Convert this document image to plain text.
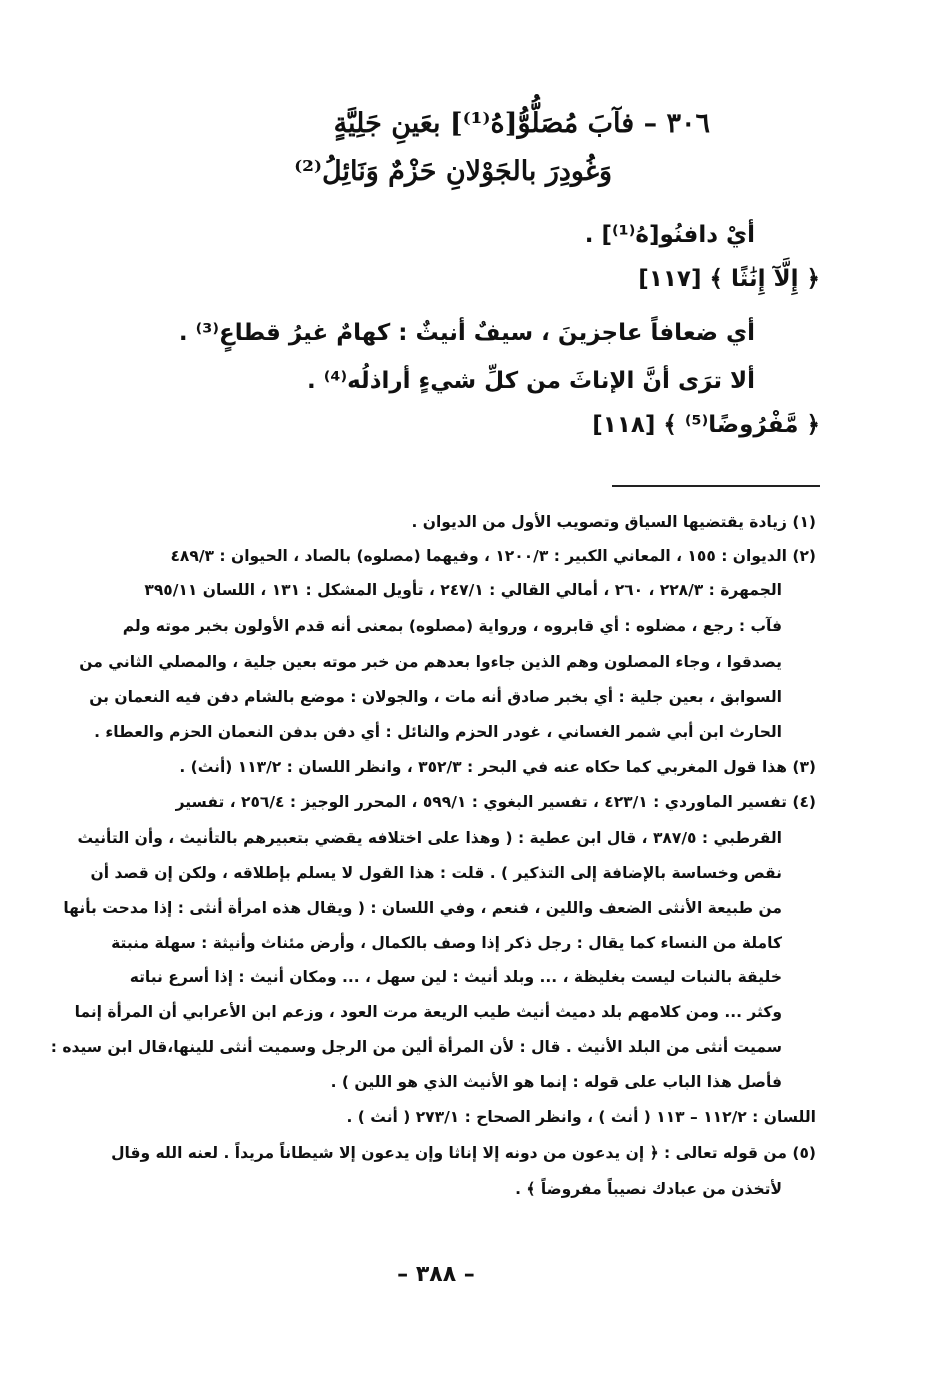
٣٠٦ – فآبَ مُصَلُّوُّ[هُ⁽¹⁾] بعَينِ جَلِيَّةٍ
وَغُودِرَ بالجَوْلانِ حَزْمٌ وَنَائِلُ⁽²⁾
أيْ دافنُو[هُ⁽¹⁾] .
﴿ إِلَّآ إِنَٰثًا ﴾ [١١٧]
أي ضعافاً عاجزينَ ، سيفٌ أنيثٌ : كهامٌ غيرُ قطاعٍ⁽³⁾ .
ألا ترَى أنَّ الإناثَ من كلِّ شيءٍ أراذلُه⁽⁴⁾ .
﴿ مَّفْرُوضًا⁽⁵⁾ ﴾ [١١٨]
(١) زيادة يقتضيها السياق وتصويب الأول من الديوان .
(٢) الديوان : ١٥٥ ، المعاني الكبير : ١٢٠٠/٣ ، وفيهما (مصلوه) بالصاد ، الحيوان : ٤٨٩/٣
الجمهرة : ٢٢٨/٣ ، ٢٦٠ ، أمالي القالي : ٢٤٧/١ ، تأويل المشكل : ١٣١ ، اللسان ٣٩٥/١١
فآب : رجع ، مضلوه : أي قابروه ، ورواية (مصلوه) بمعنى أنه قدم الأولون بخبر موته ولم
يصدقوا ، وجاء المصلون وهم الذين جاءوا بعدهم من خبر موته بعين جلية ، والمصلي الثاني من
السوابق ، بعين جلية : أي بخبر صادق أنه مات ، والجولان : موضع بالشام دفن فيه النعمان بن
الحارث ابن أبي شمر الغساني ، غودر الحزم والنائل : أي دفن بدفن النعمان الحزم والعطاء .
(٣) هذا قول المغربي كما حكاه عنه في البحر : ٣٥٢/٣ ، وانظر اللسان : ١١٣/٢ (أنث) .
(٤) تفسير الماوردي : ٤٢٣/١ ، تفسير البغوي : ٥٩٩/١ ، المحرر الوجيز : ٢٥٦/٤ ، تفسير
القرطبي : ٣٨٧/٥ ، قال ابن عطية : ( وهذا على اختلافه يقضي بتعبيرهم بالتأنيث ، وأن التأنيث
نقص وخساسة بالإضافة إلى التذكير ) . قلت : هذا القول لا يسلم بإطلاقه ، ولكن إن قصد أن
من طبيعة الأنثى الضعف واللين ، فنعم ، وفي اللسان : ( ويقال هذه امرأة أنثى : إذا مدحت بأنها
كاملة من النساء كما يقال : رجل ذكر إذا وصف بالكمال ، وأرض مئناث وأنيثة : سهلة منبتة
خليقة بالنبات ليست بغليظة ، ... وبلد أنيث : لين سهل ، ... ومكان أنيث : إذا أسرع نباته
وكثر ... ومن كلامهم بلد دميث أنيث طيب الريعة مرت العود ، وزعم ابن الأعرابي أن المرأة إنما
سميت أنثى من البلد الأنيث . قال : لأن المرأة ألين من الرجل وسميت أنثى للينها،قال ابن سيده :
فأصل هذا الباب على قوله : إنما هو الأنيث الذي هو اللين ) .
اللسان : ١١٢/٢ – ١١٣ ( أنث ) ، وانظر الصحاح : ٢٧٣/١ ( أنث ) .
(٥) من قوله تعالى : ﴿ إن يدعون من دونه إلا إناثا وإن يدعون إلا شيطاناً مريداً . لعنه الله وقال
لأتخذن من عبادك نصيباً مفروضاً ﴾ .
– ٣٨٨ –
